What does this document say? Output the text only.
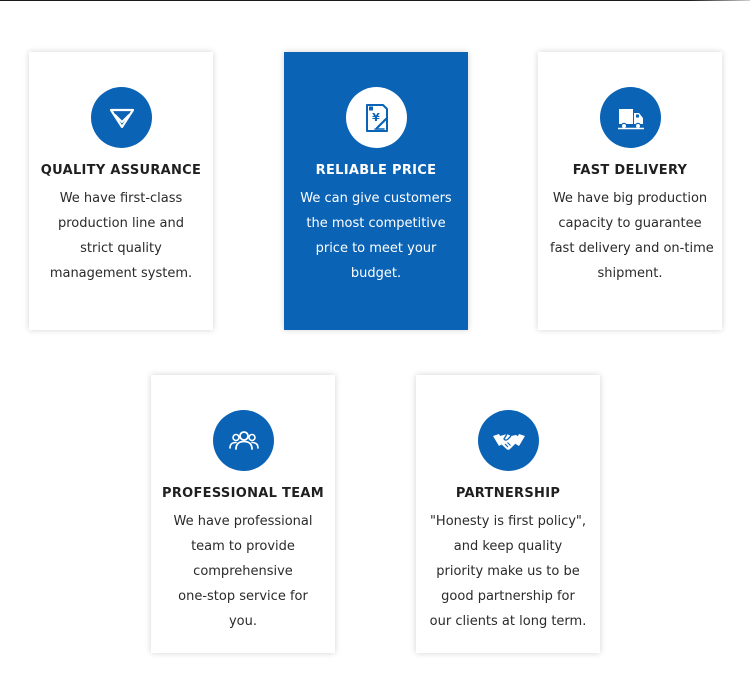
QUALITY ASSURANCE
We have first-class
production line and
strict quality
management system.
¥
RELIABLE PRICE
We can give customers
the most competitive
price to meet your
budget.
FAST DELIVERY
We have big production
capacity to guarantee
fast delivery and on-time
shipment.
PROFESSIONAL TEAM
We have professional
team to provide
comprehensive
one-stop service for
you.
PARTNERSHIP
"Honesty is first policy",
and keep quality
priority make us to be
good partnership for
our clients at long term.
